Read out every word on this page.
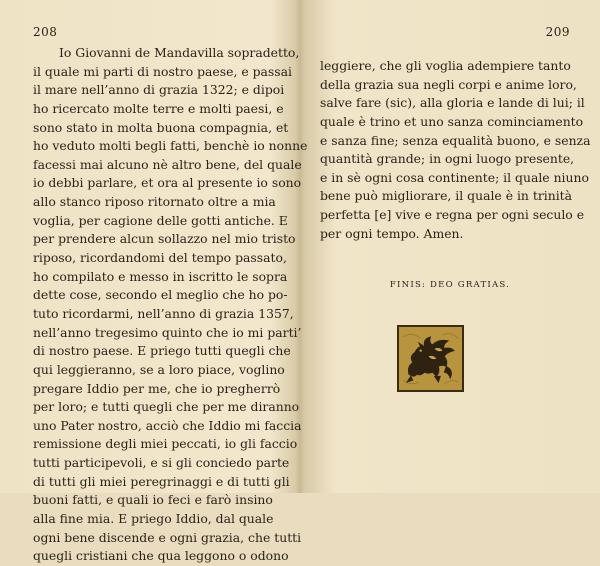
208
Io Giovanni de Mandavilla sopradetto,
il quale mi parti di nostro paese, e passai
il mare nell’anno di grazia 1322; e dipoi
ho ricercato molte terre e molti paesi, e
sono stato in molta buona compagnia, et
ho veduto molti begli fatti, benchè io nonne
facessi mai alcuno nè altro bene, del quale
io debbi parlare, et ora al presente io sono
allo stanco riposo ritornato oltre a mia
voglia, per cagione delle gotti antiche. E
per prendere alcun sollazzo nel mio tristo
riposo, ricordandomi del tempo passato,
ho compilato e messo in iscritto le sopra
dette cose, secondo el meglio che ho po-
tuto ricordarmi, nell’anno di grazia 1357,
nell’anno tregesimo quinto che io mi parti’
di nostro paese. E priego tutti quegli che
qui leggieranno, se a loro piace, voglino
pregare Iddio per me, che io pregherrò
per loro; e tutti quegli che per me diranno
uno Pater nostro, acciò che Iddio mi faccia
remissione degli miei peccati, io gli faccio
tutti participevoli, e si gli conciedo parte
di tutti gli miei peregrinaggi e di tutti gli
buoni fatti, e quali io feci e farò insino
alla fine mia. E priego Iddio, dal quale
ogni bene discende e ogni grazia, che tutti
quegli cristiani che qua leggono o odono
209
leggiere, che gli voglia adempiere tanto
della grazia sua negli corpi e anime loro,
salve fare (sic), alla gloria e lande di lui; il
quale è trino et uno sanza cominciamento
e sanza fine; senza equalità buono, e senza
quantità grande; in ogni luogo presente,
e in sè ogni cosa continente; il quale niuno
bene può migliorare, il quale è in trinità
perfetta [e] vive e regna per ogni seculo e
per ogni tempo. Amen.
FINIS: DEO GRATIAS.
